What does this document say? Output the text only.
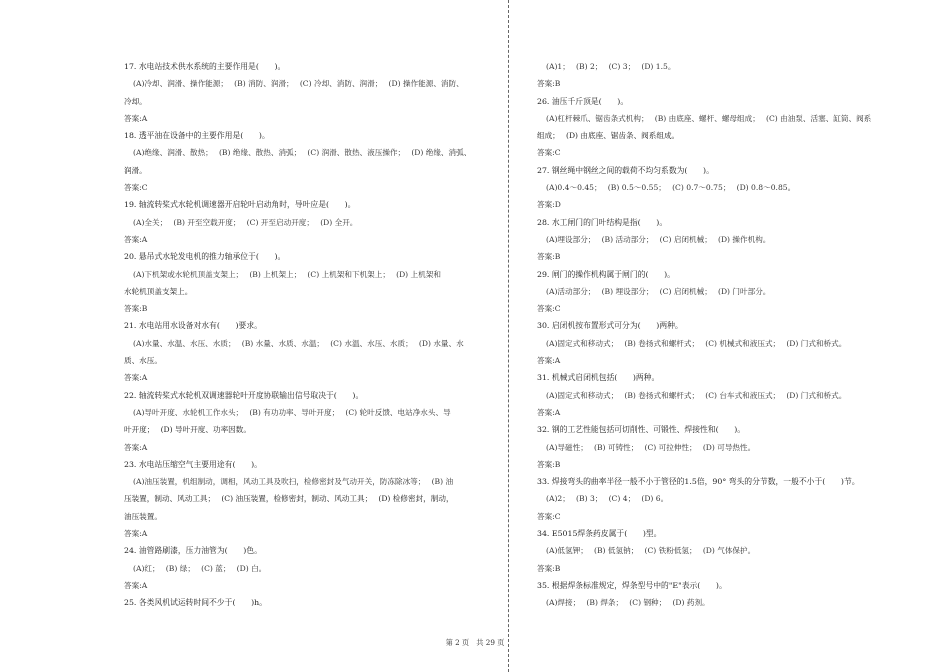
17. 水电站技术供水系统的主要作用是(　　)。
(A)冷却、润滑、操作能源；　 (B) 消防、润滑；　 (C) 冷却、消防、润滑；　 (D) 操作能源、消防、
冷却。
答案:A
18. 透平油在设备中的主要作用是(　　)。
(A)绝缘、润滑、散热；　 (B) 绝缘、散热、消弧；　 (C) 润滑、散热、液压操作；　 (D) 绝缘、消弧、
润滑。
答案:C
19. 轴流转桨式水轮机调速器开启轮叶启动角时，导叶应是(　　)。
(A)全关；　 (B) 开至空载开度；　 (C) 开至启动开度；　 (D) 全开。
答案:A
20. 悬吊式水轮发电机的推力轴承位于(　　)。
(A)下机架或水轮机顶盖支架上；　 (B) 上机架上；　 (C) 上机架和下机架上；　 (D) 上机架和
水轮机顶盖支架上。
答案:B
21. 水电站用水设备对水有(　　)要求。
(A)水量、水温、水压、水质；　 (B) 水量、水质、水温；　 (C) 水温、水压、水质；　 (D) 水量、水
质、水压。
答案:A
22. 轴流转桨式水轮机双调速器轮叶开度协联输出信号取决于(　　)。
(A)导叶开度、水轮机工作水头；　 (B) 有功功率、导叶开度；　 (C) 轮叶反馈、电站净水头、导
叶开度；　 (D) 导叶开度、功率因数。
答案:A
23. 水电站压缩空气主要用途有(　　)。
(A)油压装置，机组制动，调相，风动工具及吹扫，检修密封及气动开关，防冻除冰等；　 (B) 油
压装置，制动、风动工具；　 (C) 油压装置，检修密封，制动、风动工具；　 (D) 检修密封，制动，
油压装置。
答案:A
24. 油管路刷漆，压力油管为(　　)色。
(A)红；　 (B) 绿；　 (C) 蓝；　 (D) 白。
答案:A
25. 各类风机试运转时间不少于(　　)h。
(A)1；　 (B) 2；　 (C) 3；　 (D) 1.5。
答案:B
26. 油压千斤顶是(　　)。
(A)杠杆棘爪、锯齿条式机构；　 (B) 由底座、螺杆、螺母组成；　 (C) 由油泵、活塞、缸筒、阀系
组成；　 (D) 由底座、锯齿条、阀系组成。
答案:C
27. 钢丝绳中钢丝之间的载荷不均匀系数为(　　)。
(A)0.4～0.45；　 (B) 0.5～0.55；　 (C) 0.7～0.75；　 (D) 0.8～0.85。
答案:D
28. 水工闸门的门叶结构是指(　　)。
(A)埋设部分；　 (B) 活动部分；　 (C) 启闭机械；　 (D) 操作机构。
答案:B
29. 闸门的操作机构属于闸门的(　　)。
(A)活动部分；　 (B) 埋设部分；　 (C) 启闭机械；　 (D) 门叶部分。
答案:C
30. 启闭机按布置形式可分为(　　)两种。
(A)固定式和移动式；　 (B) 卷扬式和螺杆式；　 (C) 机械式和液压式；　 (D) 门式和桥式。
答案:A
31. 机械式启闭机包括(　　)两种。
(A)固定式和移动式；　 (B) 卷扬式和螺杆式；　 (C) 台车式和液压式；　 (D) 门式和桥式。
答案:A
32. 钢的工艺性能包括可切削性、可锻性、焊接性和(　　)。
(A)导磁性；　 (B) 可铸性；　 (C) 可拉伸性；　 (D) 可导热性。
答案:B
33. 焊接弯头的曲率半径一般不小于管径的1.5倍，90° 弯头的分节数，一般不小于(　　)节。
(A)2；　 (B) 3；　 (C) 4；　 (D) 6。
答案:C
34. E5015焊条药皮属于(　　)型。
(A)低氢钾；　 (B) 低氢钠；　 (C) 铁粉低氢；　 (D) 气体保护。
答案:B
35. 根据焊条标准规定，焊条型号中的"E"表示(　　)。
(A)焊接；　 (B) 焊条；　 (C) 钢种；　 (D) 药剂。
第 2 页　共 29 页
